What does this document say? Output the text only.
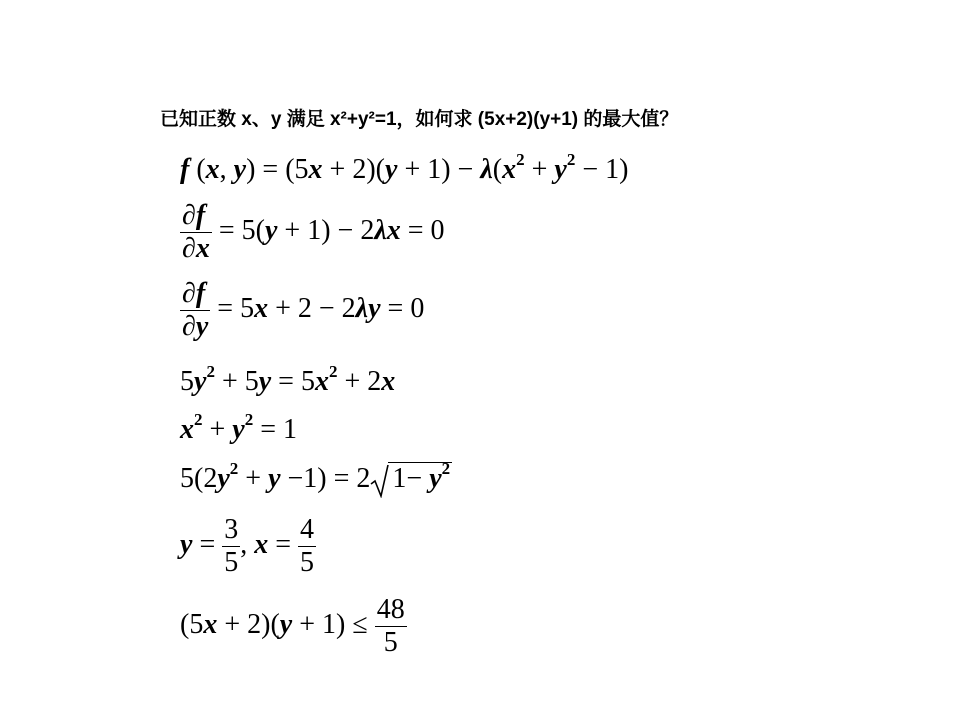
已知正数 x、y 满足 x²+y²=1，如何求 (5x+2)(y+1) 的最大值？
f (x, $y) = (5x + 2)(y + 1) - \lambda(x^2 + y^2 - 1)$
$\frac{\partial f}{\partial x} = 5(y + 1) - 2\lambda x = 0$
$\frac{\partial f}{\partial y} = 5x + 2 - 2\lambda y = 0$
$5y^2 + 5y = 5x^2 + 2x$
$x^2 + y^2 = 1$
$5(2y^2 + y -1) = 2$ $1- y^2$
$y = \frac{3}{5}$ , $x = \frac{4}{5}$
$(5x + 2)(y + 1) \le \frac{48}{5}$
